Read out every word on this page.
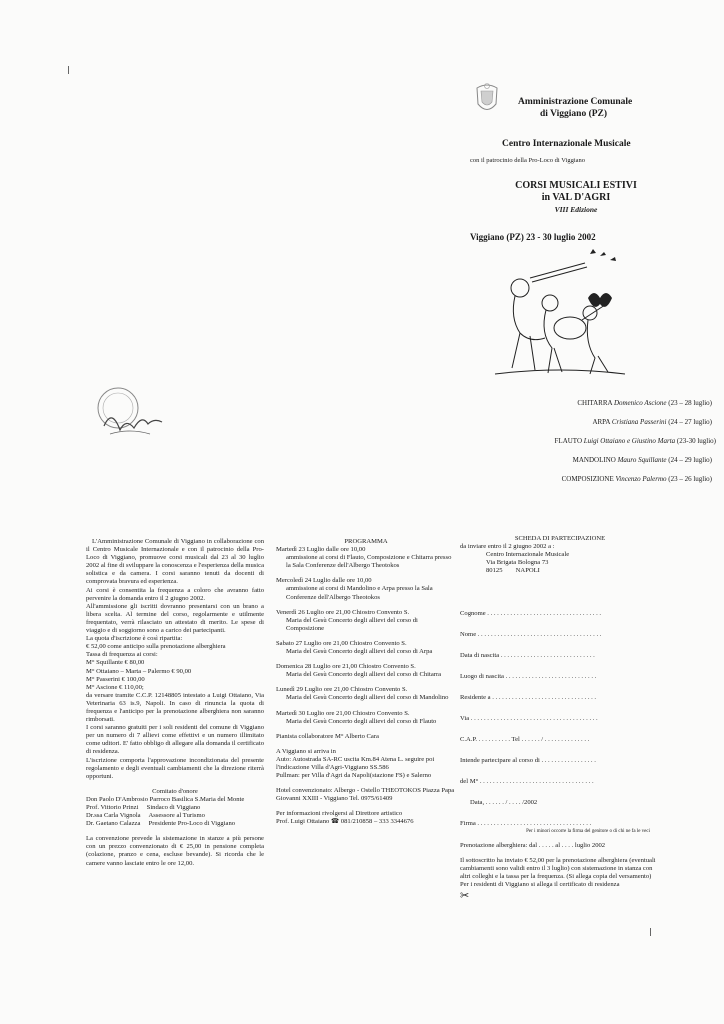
Amministrazione Comunale
di Viggiano (PZ)
Centro Internazionale Musicale
con il patrocinio della Pro-Loco di Viggiano
CORSI MUSICALI ESTIVI
in VAL D'AGRI
VIII Edizione
Viggiano (PZ) 23 - 30 luglio 2002
CHITARRA Domenico Ascione (23 – 28 luglio)
ARPA Cristiana Passerini (24 – 27 luglio)
FLAUTO Luigi Ottaiano e Giustino Marta (23-30 luglio)
MANDOLINO Mauro Squillante (24 – 29 luglio)
COMPOSIZIONE Vincenzo Palermo (23 – 26 luglio)

L'Amministrazione Comunale di Viggiano in collaborazione con il Centro Musicale Internazionale e con il patrocinio della Pro-Loco di Viggiano, promuove corsi musicali dal 23 al 30 luglio 2002 al fine di sviluppare la conoscenza e l'esperienza della musica solistica e da camera. I corsi saranno tenuti da docenti di comprovata bravura ed esperienza.

Ai corsi è consentita la frequenza a coloro che avranno fatto pervenire la domanda entro il 2 giugno 2002.

All'ammissione gli iscritti dovranno presentarsi con un brano a libera scelta. Al termine del corso, regolarmente e utilmente frequentato, verrà rilasciato un attestato di merito. Le spese di viaggio e di soggiorno sono a carico dei partecipanti.

La quota d'iscrizione è così ripartita:

€ 52,00 come anticipo sulla prenotazione alberghiera

Tassa di frequenza ai corsi:

M° Squillante € 80,00

M° Ottaiano – Marta – Palermo € 90,00

M° Passerini € 100,00

M° Ascione € 110,00;

da versare tramite C.C.P. 12148805 intestato a Luigi Ottaiano, Via Veterinaria 63 is.9, Napoli. In caso di rinuncia la quota di frequenza e l'anticipo per la prenotazione alberghiera non saranno rimborsati.

I corsi saranno gratuiti per i soli residenti del comune di Viggiano per un numero di 7 allievi come effettivi e un numero illimitato come uditori. E' fatto obbligo di allegare alla domanda il certificato di residenza.

L'iscrizione comporta l'approvazione incondizionata del presente regolamento e degli eventuali cambiamenti che la direzione riterrà opportuni.

Comitato d'onore

Don Paolo D'Ambrosio Parroco Basilica S.Maria del Monte

Prof. Vittorio Prinzi     Sindaco di Viggiano

Dr.ssa Carla Vignola     Assessore al Turismo

Dr. Gaetano Calazza     Presidente Pro-Loco di Viggiano

La convenzione prevede la sistemazione in stanze a più persone con un prezzo convenzionato di € 25,00 in pensione completa (colazione, pranzo e cena, escluse bevande). Si ricorda che le camere vanno lasciate entro le ore 12,00.

PROGRAMMA

Martedì 23 Luglio dalle ore 10,00

ammissione ai corsi di Flauto, Composizione e Chitarra presso la Sala Conferenze dell'Albergo Theotokos

Mercoledì 24 Luglio dalle ore 10,00

ammissione ai corsi di Mandolino e Arpa presso la Sala Conferenze dell'Albergo Theotokos

Venerdì 26 Luglio ore 21,00 Chiostro Convento S.

Maria del Gesù Concerto degli allievi del corso di Composizione

Sabato 27 Luglio ore 21,00 Chiostro Convento S.

Maria del Gesù Concerto degli allievi del corso di Arpa

Domenica 28 Luglio ore 21,00 Chiostro Convento S.

Maria del Gesù Concerto degli allievi del corso di Chitarra

Lunedì 29 Luglio ore 21,00 Chiostro Convento S.

Maria del Gesù Concerto degli allievi del corso di Mandolino

Martedì 30 Luglio ore 21,00 Chiostro Convento S.

Maria del Gesù Concerto degli allievi del corso di Flauto

Pianista collaboratore M° Alberto Cara

A Viggiano si arriva in

Auto: Autostrada SA-RC uscita Km.84 Atena L. seguire poi l'indicazione Villa d'Agri-Viggiano SS.586

Pullman: per Villa d'Agri da Napoli(stazione FS) e Salerno

Hotel convenzionato: Albergo - Ostello THEOTOKOS Piazza Papa Giovanni XXIII - Viggiano Tel. 0975/61409

Per informazioni rivolgersi al Direttore artistico

Prof. Luigi Ottaiano ☎ 081/210858 – 333 3344676

SCHEDA DI PARTECIPAZIONE

da inviare entro il 2 giugno 2002 a :

Centro Internazionale Musicale

Via Brigata Bologna 73

80125        NAPOLI

Cognome . . . . . . . . . . . . . . . . . . . . . . . . . . . . . . . . . . .
Nome . . . . . . . . . . . . . . . . . . . . . . . . . . . . . . . . . . . . . .
Data di nascita . . . . . . . . . . . . . . . . . . . . . . . . . . . . .
Luogo di nascita . . . . . . . . . . . . . . . . . . . . . . . . . . . .
Residente a . . . . . . . . . . . . . . . . . . . . . . . . . . . . . . . .
Via . . . . . . . . . . . . . . . . . . . . . . . . . . . . . . . . . . . . . . .
C.A.P. . . . . . . . . . . Tel . . . . . . / . . . . . . . . . . . . . .
Intende partecipare al corso di . . . . . . . . . . . . . . . . .
del M° . . . . . . . . . . . . . . . . . . . . . . . . . . . . . . . . . . .
Data, . . . . . . / . . . . /2002
Firma . . . . . . . . . . . . . . . . . . . . . . . . . . . . . . . . . . .

Per i minori occorre la firma del genitore o di chi ne fa le veci

Prenotazione alberghiera: dal . . . . . al . . . . luglio 2002

Il sottoscritto ha inviato € 52,00 per la prenotazione alberghiera (eventuali cambiamenti sono validi entro il 3 luglio) con sistemazione in stanza con altri colleghi e la tassa per la frequenza. (Si allega copia del versamento)

Per i residenti di Viggiano si allega il certificato di residenza

✂
